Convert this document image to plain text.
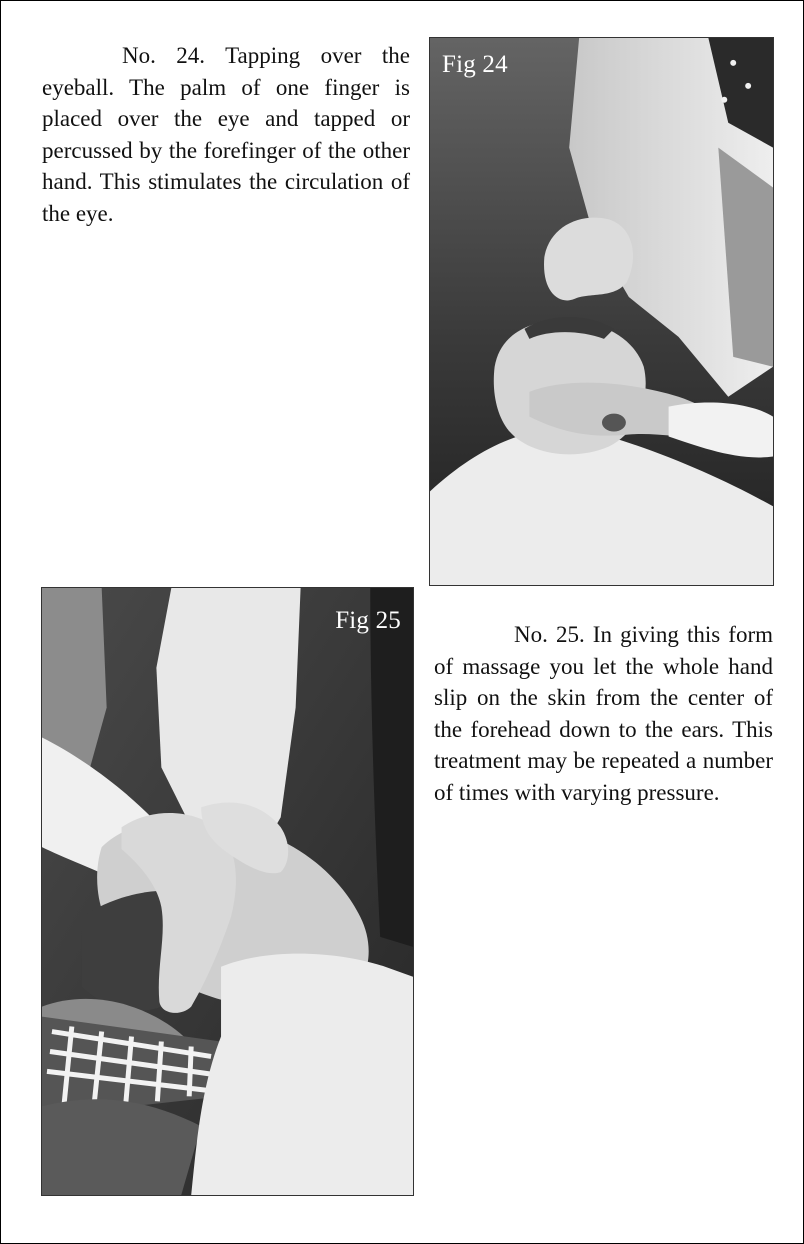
No. 24. Tapping over the eyeball. The palm of one finger is placed over the eye and tapped or percussed by the forefinger of the other hand. This stimulates the circulation of the eye.

Fig 24
Fig 25

No. 25. In giving this form of massage you let the whole hand slip on the skin from the center of the forehead down to the ears. This treatment may be repeated a number of times with varying pressure.
